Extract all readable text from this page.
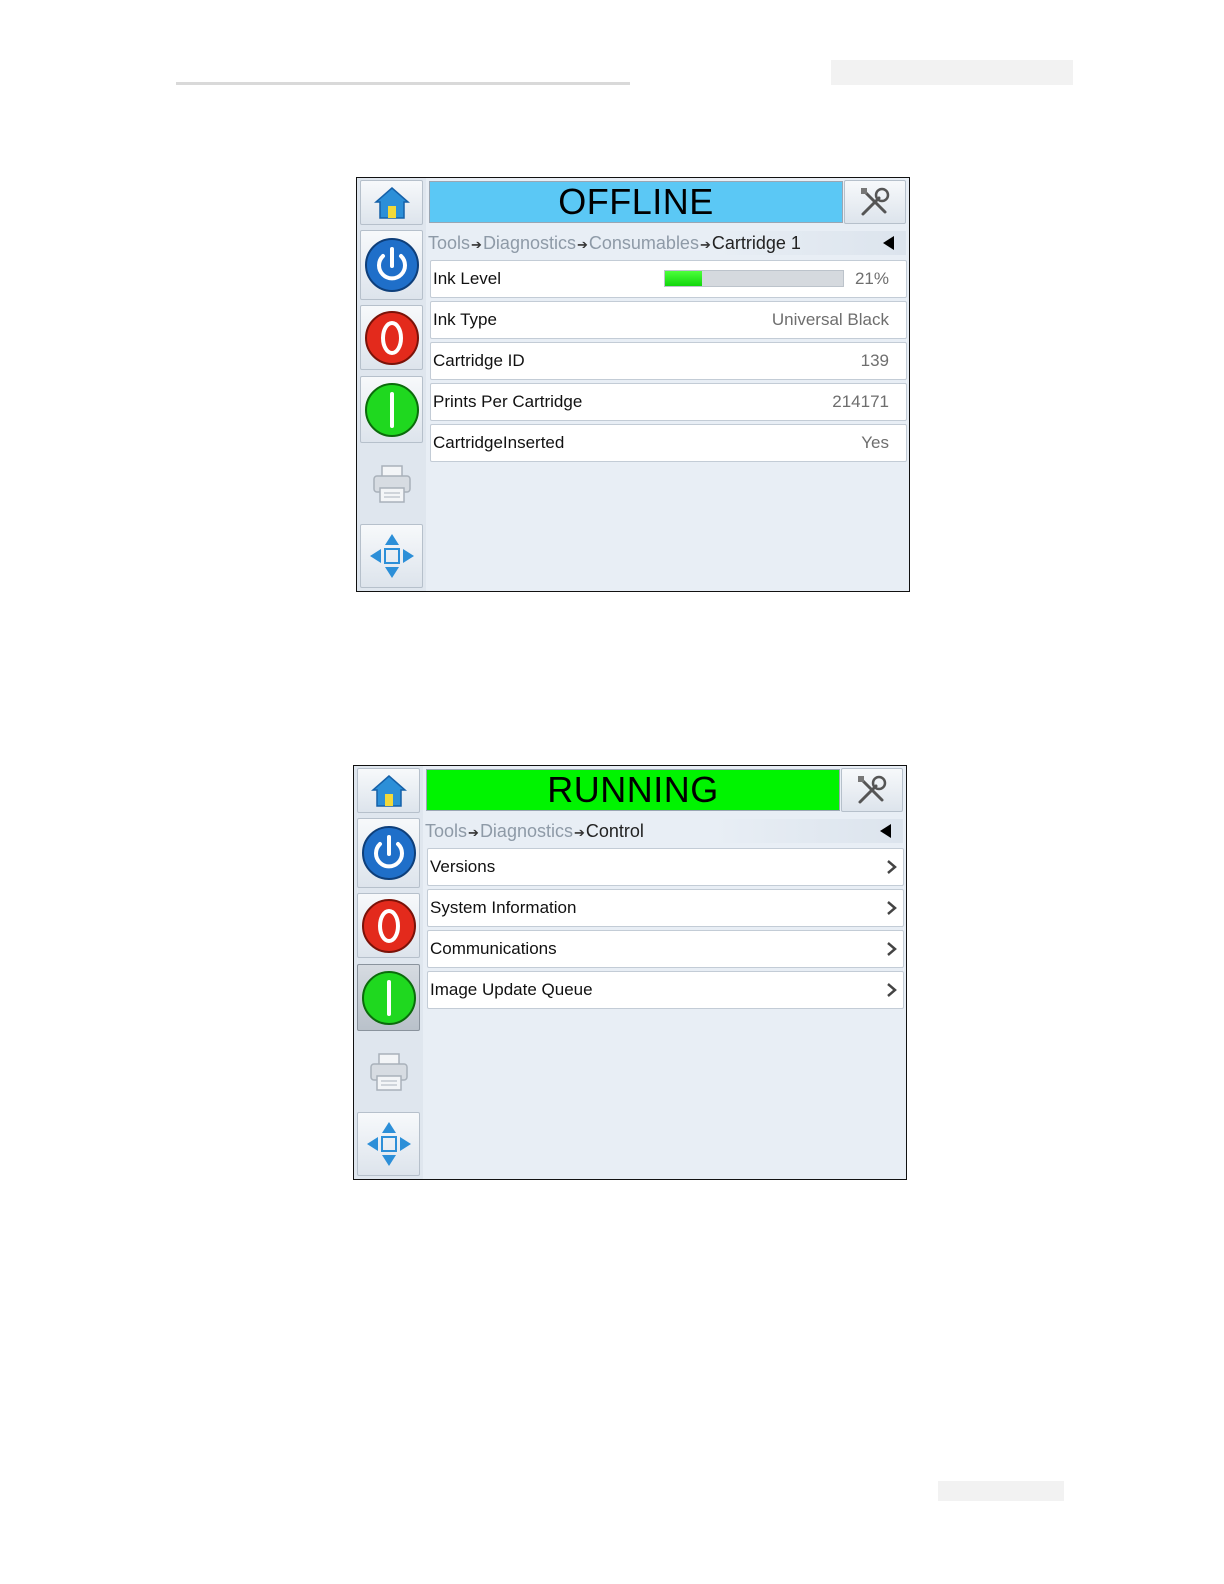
OFFLINE
Tools➔Diagnostics➔Consumables➔Cartridge 1
Ink Level	21%
Ink Type	Universal Black
Cartridge ID	139
Prints Per Cartridge	214171
CartridgeInserted	Yes
RUNNING
Tools➔Diagnostics➔Control
Versions
System Information
Communications
Image Update Queue
